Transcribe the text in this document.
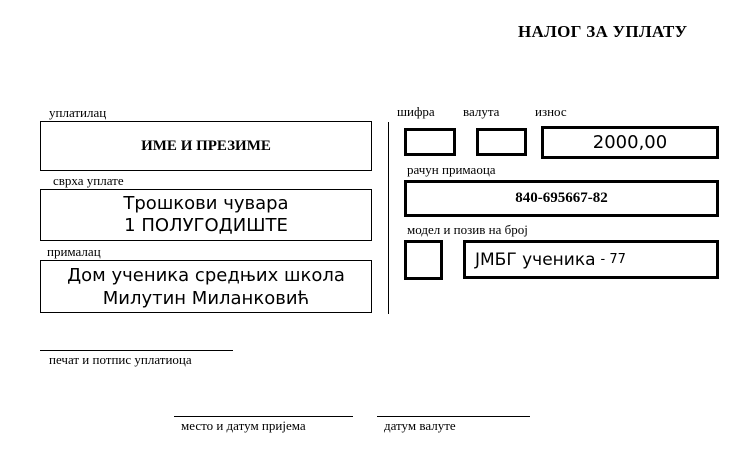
НАЛОГ ЗА УПЛАТУ
уплатилац
ИМЕ И ПРЕЗИМЕ
сврха уплате
Трошкови чувара
1 ПОЛУГОДИШТЕ
прималац
Дом ученика средњих школа
Милутин Миланковић
шифра валута	износ
2000,00
рачун примаоца
840-695667-82
модел и позив на број
ЈМБГ ученика - 77
печат и потпис уплатиоца
место и датум пријема	датум валуте
